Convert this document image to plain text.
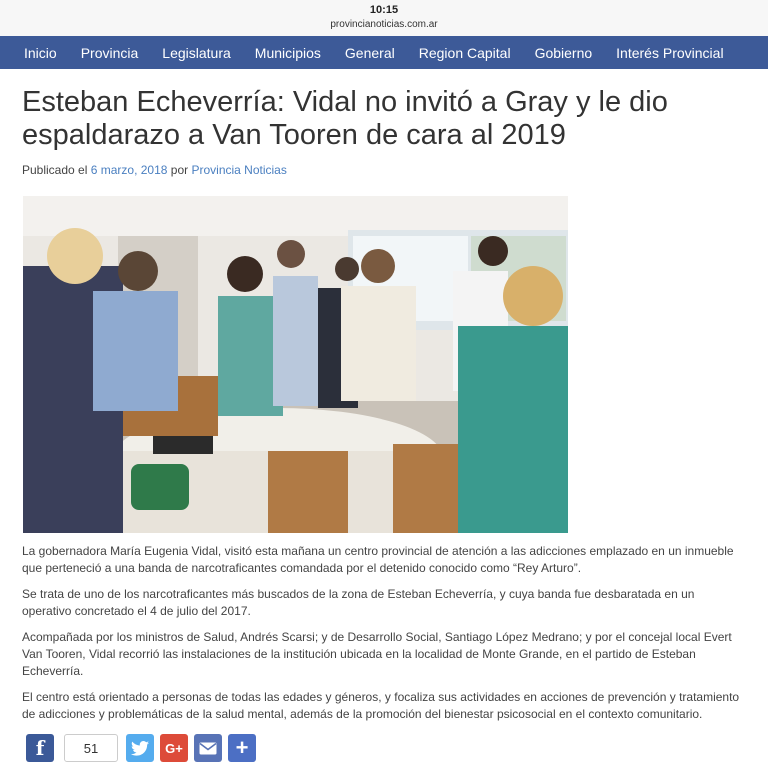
10:15
provincianoticias.com.ar
Inicio	Provincia	Legislatura	Municipios	General	Region Capital	Gobierno	Interés Provincial
Esteban Echeverría: Vidal no invitó a Gray y le dio espaldarazo a Van Tooren de cara al 2019
Publicado el 6 marzo, 2018 por Provincia Noticias

La gobernadora María Eugenia Vidal, visitó esta mañana un centro provincial de atención a las adicciones emplazado en un inmueble que perteneció a una banda de narcotraficantes comandada por el detenido conocido como “Rey Arturo”.

Se trata de uno de los narcotraficantes más buscados de la zona de Esteban Echeverría, y cuya banda fue desbaratada en un operativo concretado el 4 de julio del 2017.

Acompañada por los ministros de Salud, Andrés Scarsi; y de Desarrollo Social, Santiago López Medrano; y por el concejal local Evert Van Tooren, Vidal recorrió las instalaciones de la institución ubicada en la localidad de Monte Grande, en el partido de Esteban Echeverría.

El centro está orientado a personas de todas las edades y géneros, y focaliza sus actividades en acciones de prevención y tratamiento de adicciones y problemáticas de la salud mental, además de la promoción del bienestar psicosocial en el contexto comunitario.

f	51	G+ +
